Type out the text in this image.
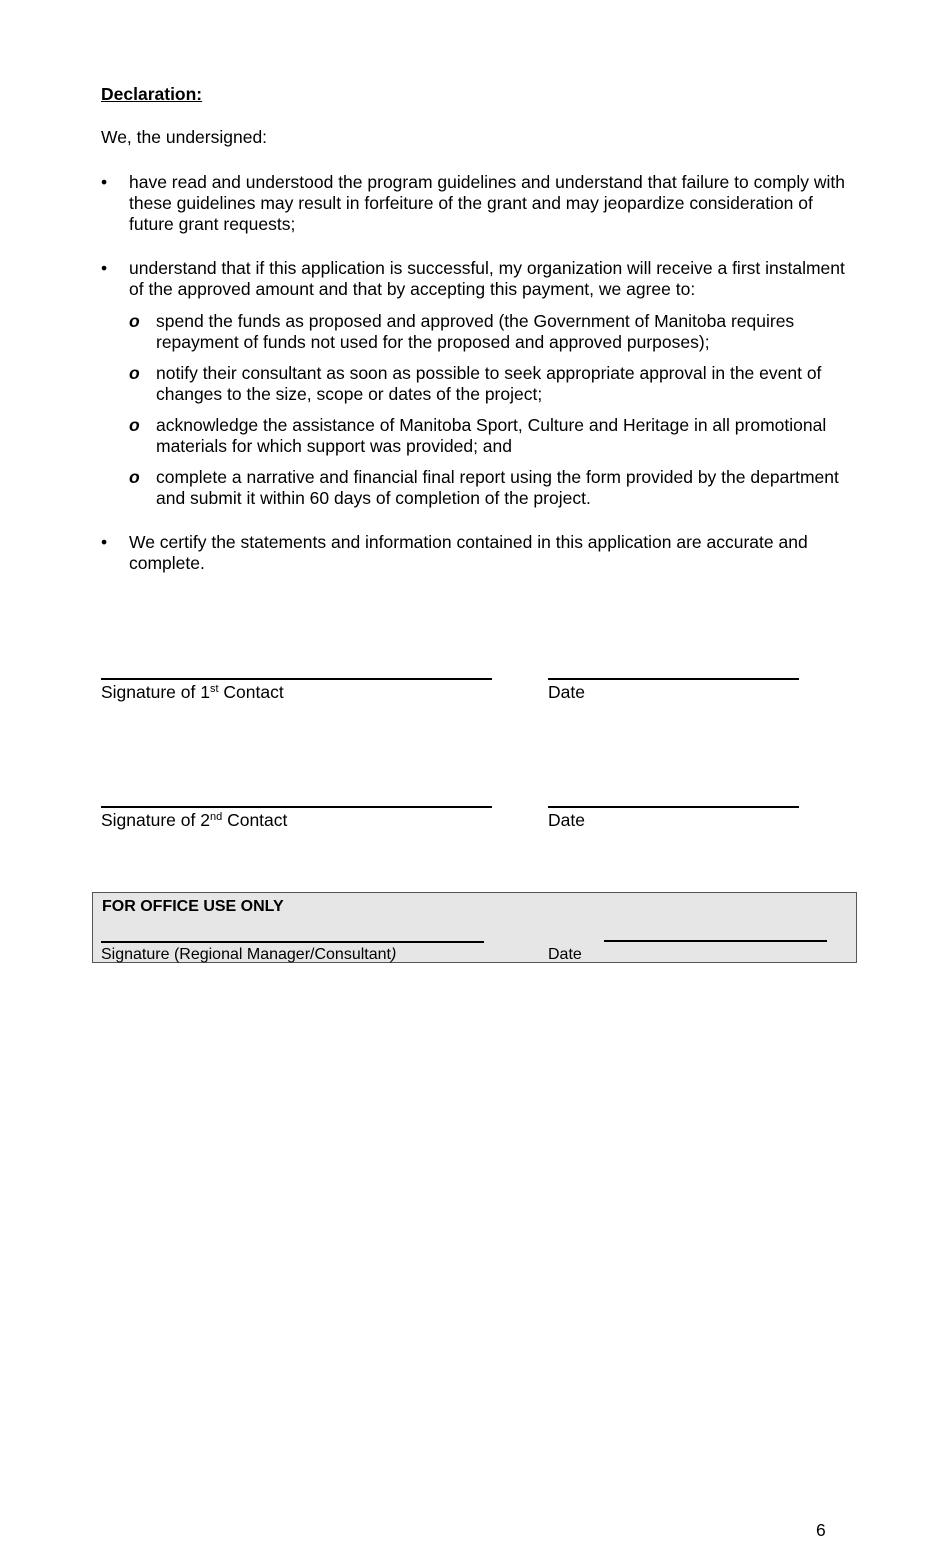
Declaration:
We, the undersigned:
•	have read and understood the program guidelines and understand that failure to comply with these guidelines may result in forfeiture of the grant and may jeopardize consideration of future grant requests;
•	understand that if this application is successful, my organization will receive a first instalment of the approved amount and that by accepting this payment, we agree to:
o spend the funds as proposed and approved (the Government of Manitoba requires repayment of funds not used for the proposed and approved purposes);
o notify their consultant as soon as possible to seek appropriate approval in the event of changes to the size, scope or dates of the project;
o acknowledge the assistance of Manitoba Sport, Culture and Heritage in all promotional materials for which support was provided; and
o complete a narrative and financial final report using the form provided by the department and submit it within 60 days of completion of the project.
•	We certify the statements and information contained in this application are accurate and complete.
Signature of 1st Contact	Date
Signature of 2nd Contact	Date
FOR OFFICE USE ONLY
Signature (Regional Manager/Consultant)	Date
6
